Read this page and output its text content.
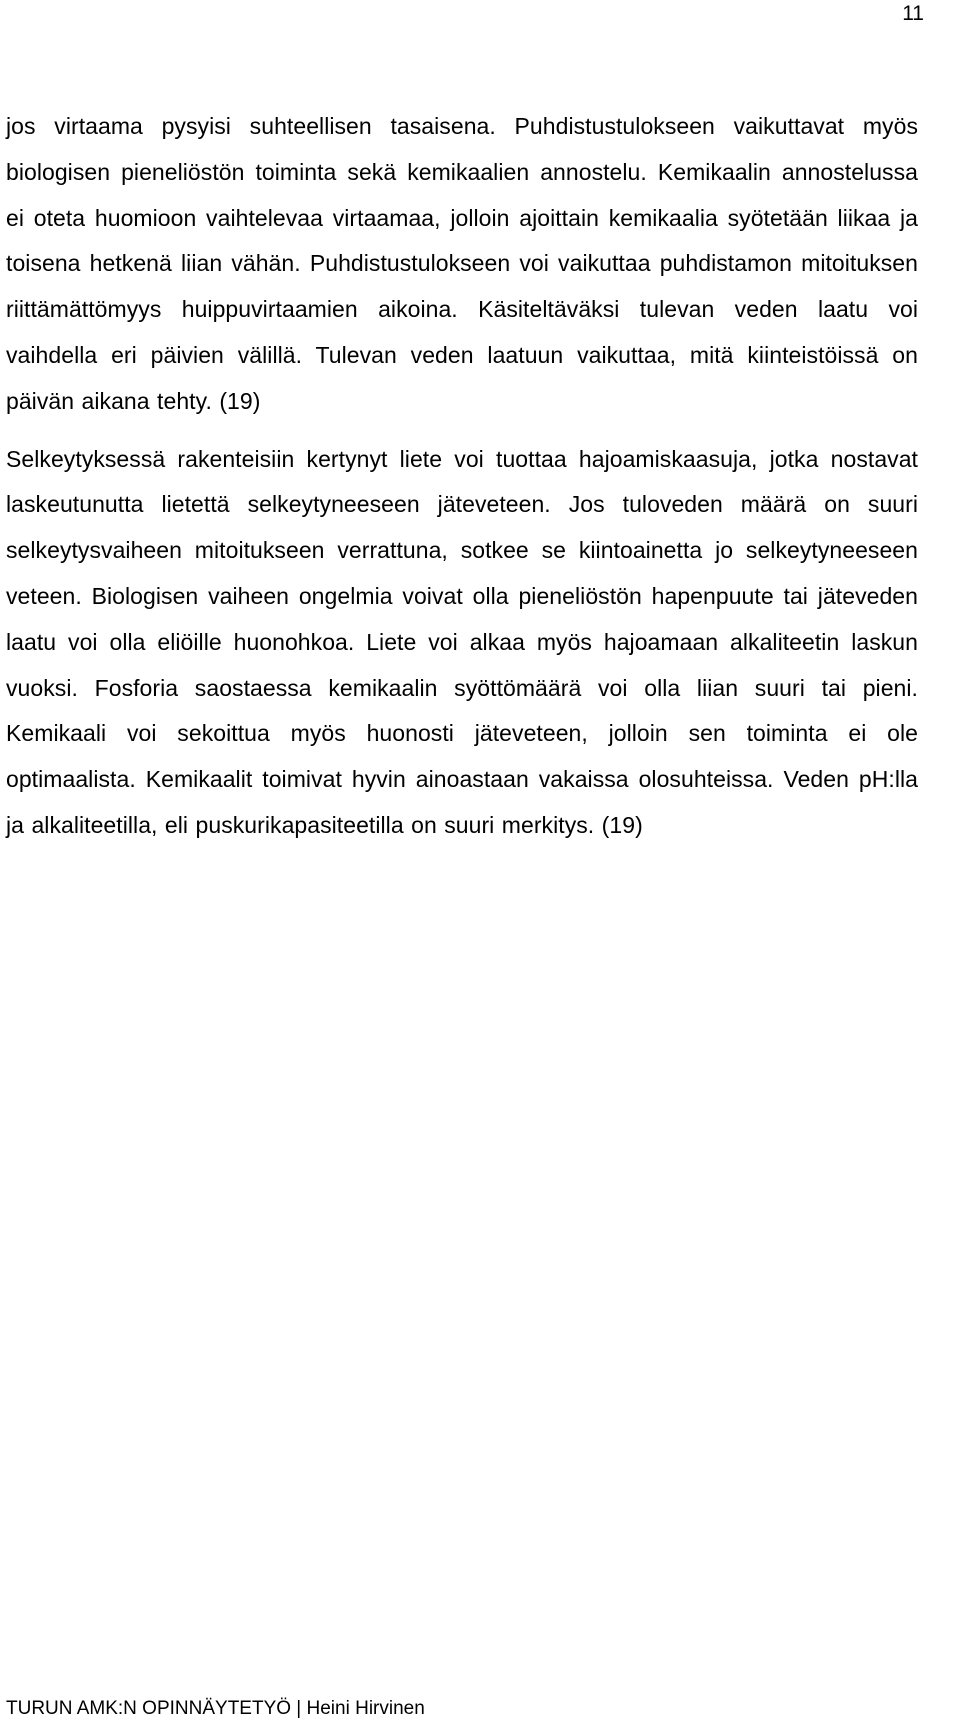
11

jos virtaama pysyisi suhteellisen tasaisena. Puhdistustulokseen vaikuttavat myös biologisen pieneliöstön toiminta sekä kemikaalien annostelu. Kemikaalin annostelussa ei oteta huomioon vaihtelevaa virtaamaa, jolloin ajoittain kemikaalia syötetään liikaa ja toisena hetkenä liian vähän. Puhdistustulokseen voi vaikuttaa puhdistamon mitoituksen riittämättömyys huippuvirtaamien aikoina. Käsiteltäväksi tulevan veden laatu voi vaihdella eri päivien välillä. Tulevan veden laatuun vaikuttaa, mitä kiinteistöissä on päivän aikana tehty. (19)

Selkeytyksessä rakenteisiin kertynyt liete voi tuottaa hajoamiskaasuja, jotka nostavat laskeutunutta lietettä selkeytyneeseen jäteveteen. Jos tuloveden määrä on suuri selkeytysvaiheen mitoitukseen verrattuna, sotkee se kiintoainetta jo selkeytyneeseen veteen. Biologisen vaiheen ongelmia voivat olla pieneliöstön hapenpuute tai jäteveden laatu voi olla eliöille huonohkoa. Liete voi alkaa myös hajoamaan alkaliteetin laskun vuoksi. Fosforia saostaessa kemikaalin syöttömäärä voi olla liian suuri tai pieni. Kemikaali voi sekoittua myös huonosti jäteveteen, jolloin sen toiminta ei ole optimaalista. Kemikaalit toimivat hyvin ainoastaan vakaissa olosuhteissa. Veden pH:lla ja alkaliteetilla, eli puskurikapasiteetilla on suuri merkitys. (19)

TURUN AMK:N OPINNÄYTETYÖ | Heini Hirvinen
